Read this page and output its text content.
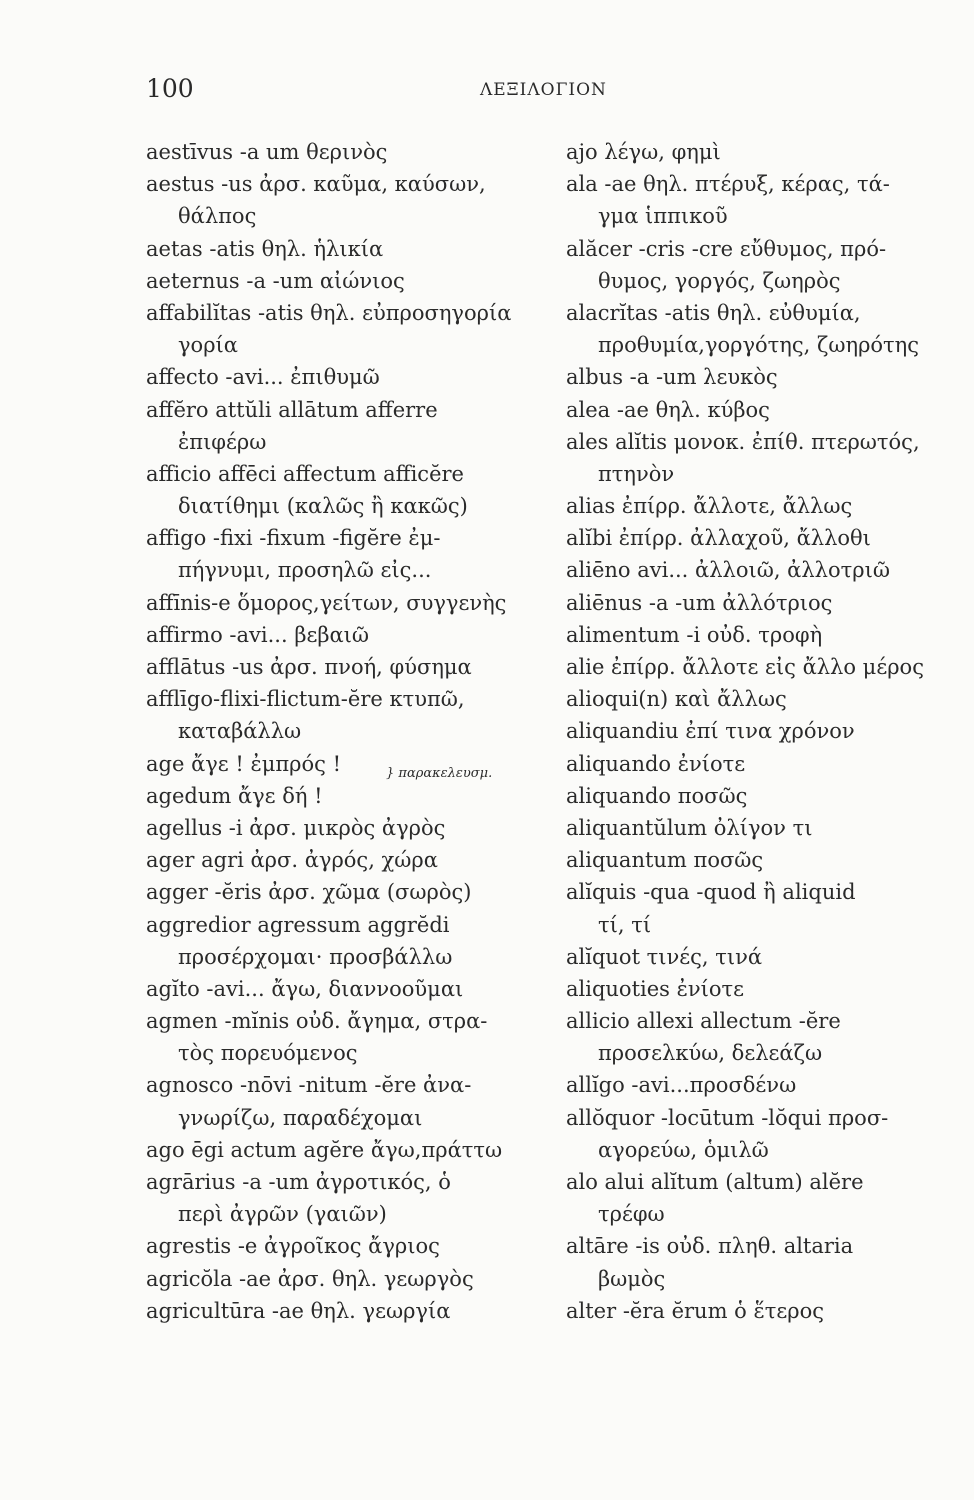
100	ΛΕΞΙΛΟΓΙΟΝ
aestīvus -a um θερινὸς
aestus -us ἀρσ. καῦμα, καύσων,
θάλπος
aetas -atis θηλ. ἡλικία
aeternus -a -um αἰώνιος
affabilĭtas -atis θηλ. εὐπροσηγορία
γορία
affecto -avi... ἐπιθυμῶ
affĕro attŭli allātum afferre
ἐπιφέρω
afficio affēci affectum afficĕre
διατίθημι (καλῶς ἢ κακῶς)
affigo -fixi -fixum -figĕre ἐμ-
πήγνυμι, προσηλῶ εἰς...
affīnis-e ὅμορος,γείτων, συγγενὴς
affirmo -avi... βεβαιῶ
afflātus -us ἀρσ. πνοή, φύσημα
afflīgo-flixi-flictum-ĕre κτυπῶ,
καταβάλλω
age ἄγε ! ἐμπρός !	} παρακελευσμ.
agedum ἄγε δή !
agellus -i ἀρσ. μικρὸς ἀγρὸς
ager agri ἀρσ. ἀγρός, χώρα
agger -ĕris ἀρσ. χῶμα (σωρὸς)
aggredior agressum aggrĕdi
προσέρχομαι· προσβάλλω
agĭto -avi... ἄγω, διαννοοῦμαι
agmen -mĭnis οὐδ. ἄγημα, στρα-
τὸς πορευόμενος
agnosco -nōvi -nitum -ĕre ἀνα-
γνωρίζω, παραδέχομαι
ago ēgi actum agĕre ἄγω,πράττω
agrārius -a -um ἀγροτικός, ὁ
περὶ ἀγρῶν (γαιῶν)
agrestis -e ἀγροῖκος ἄγριος
agricŏla -ae ἀρσ. θηλ. γεωργὸς
agricultūra -ae θηλ. γεωργία
ajo λέγω, φημὶ
ala -ae θηλ. πτέρυξ, κέρας, τά-
γμα ἱππικοῦ
alăcer -cris -cre εὔθυμος, πρό-
θυμος, γοργός, ζωηρὸς
alacrĭtas -atis θηλ. εὐθυμία,
προθυμία,γοργότης, ζωηρότης
albus -a -um λευκὸς
alea -ae θηλ. κύβος
ales alĭtis μονοκ. ἐπίθ. πτερωτός,
πτηνὸν
alias ἐπίρρ. ἄλλοτε, ἄλλως
alĭbi ἐπίρρ. ἀλλαχοῦ, ἄλλοθι
aliēno avi... ἀλλοιῶ, ἀλλοτριῶ
aliēnus -a -um ἀλλότριος
alimentum -i οὐδ. τροφὴ
alie ἐπίρρ. ἄλλοτε εἰς ἄλλο μέρος
alioqui(n) καὶ ἄλλως
aliquandiu ἐπί τινα χρόνον
aliquando ἐνίοτε
aliquando ποσῶς
aliquantŭlum ὀλίγον τι
aliquantum ποσῶς
alĭquis -qua -quod ἢ aliquid
τί, τί
alĭquot τινές, τινά
aliquoties ἐνίοτε
allicio allexi allectum -ĕre
προσελκύω, δελεάζω
allĭgo -avi...προσδένω
allŏquor -locūtum -lŏqui προσ-
αγορεύω, ὁμιλῶ
alo alui alĭtum (altum) alĕre
τρέφω
altāre -is οὐδ. πληθ. altaria
βωμὸς
alter -ĕra ĕrum ὁ ἕτερος
